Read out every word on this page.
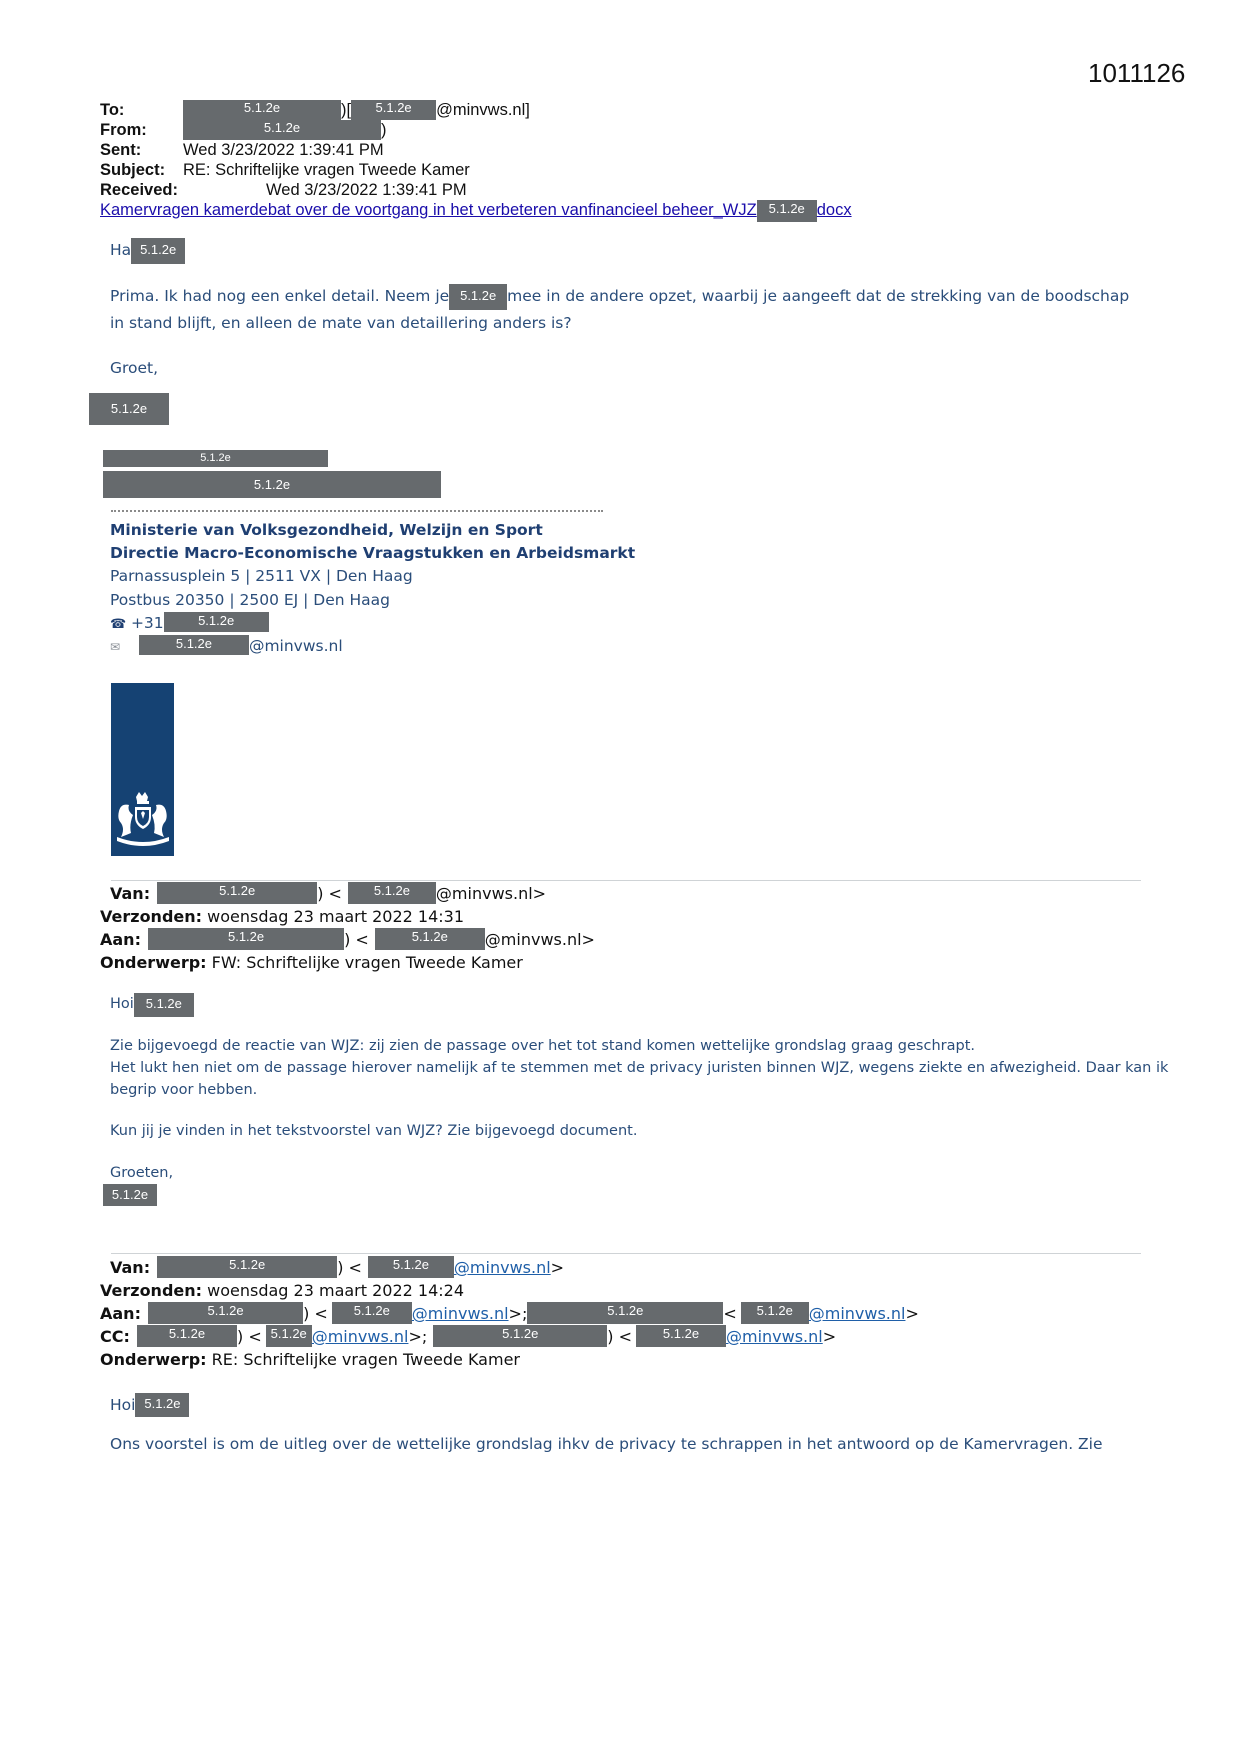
1011126
To:	5.1.2e	)[ 5.1.2e @minvws.nl]
From:	5.1.2e	)
Sent:	Wed 3/23/2022 1:39:41 PM
Subject: RE: Schriftelijke vragen Tweede Kamer
Received:	Wed 3/23/2022 1:39:41 PM
Kamervragen kamerdebat over de voortgang in het verbeteren vanfinancieel beheer_WJZ 5.1.2e docx
Ha 5.1.2e
Prima. Ik had nog een enkel detail. Neem je 5.1.2e mee in de andere opzet, waarbij je aangeeft dat de strekking van de boodschap
in stand blijft, en alleen de mate van detaillering anders is?
Groet,
5.1.2e
5.1.2e
5.1.2e
Ministerie van Volksgezondheid, Welzijn en Sport
Directie Macro-Economische Vraagstukken en Arbeidsmarkt
Parnassusplein 5 | 2511 VX | Den Haag
Postbus 20350 | 2500 EJ | Den Haag
☎ +31	5.1.2e
✉	5.1.2e @minvws.nl
Van:	5.1.2e	) < 5.1.2e @minvws.nl>
Verzonden: woensdag 23 maart 2022 14:31
Aan:	5.1.2e	) <	5.1.2e @minvws.nl>
Onderwerp: FW: Schriftelijke vragen Tweede Kamer
Hoi 5.1.2e
Zie bijgevoegd de reactie van WJZ: zij zien de passage over het tot stand komen wettelijke grondslag graag geschrapt.
Het lukt hen niet om de passage hierover namelijk af te stemmen met de privacy juristen binnen WJZ, wegens ziekte en afwezigheid. Daar kan ik
begrip voor hebben.
Kun jij je vinden in het tekstvoorstel van WJZ? Zie bijgevoegd document.
Groeten,
5.1.2e
Van:	5.1.2e	) < 5.1.2e @minvws.nl>
Verzonden: woensdag 23 maart 2022 14:24
Aan:	5.1.2e	) < 5.1.2e @minvws.nl>;	5.1.2e	< 5.1.2e @minvws.nl>
CC:	5.1.2e ) < 5.1.2e @minvws.nl>;	5.1.2e	) < 5.1.2e @minvws.nl>
Onderwerp: RE: Schriftelijke vragen Tweede Kamer
Hoi 5.1.2e
Ons voorstel is om de uitleg over de wettelijke grondslag ihkv de privacy te schrappen in het antwoord op de Kamervragen. Zie
